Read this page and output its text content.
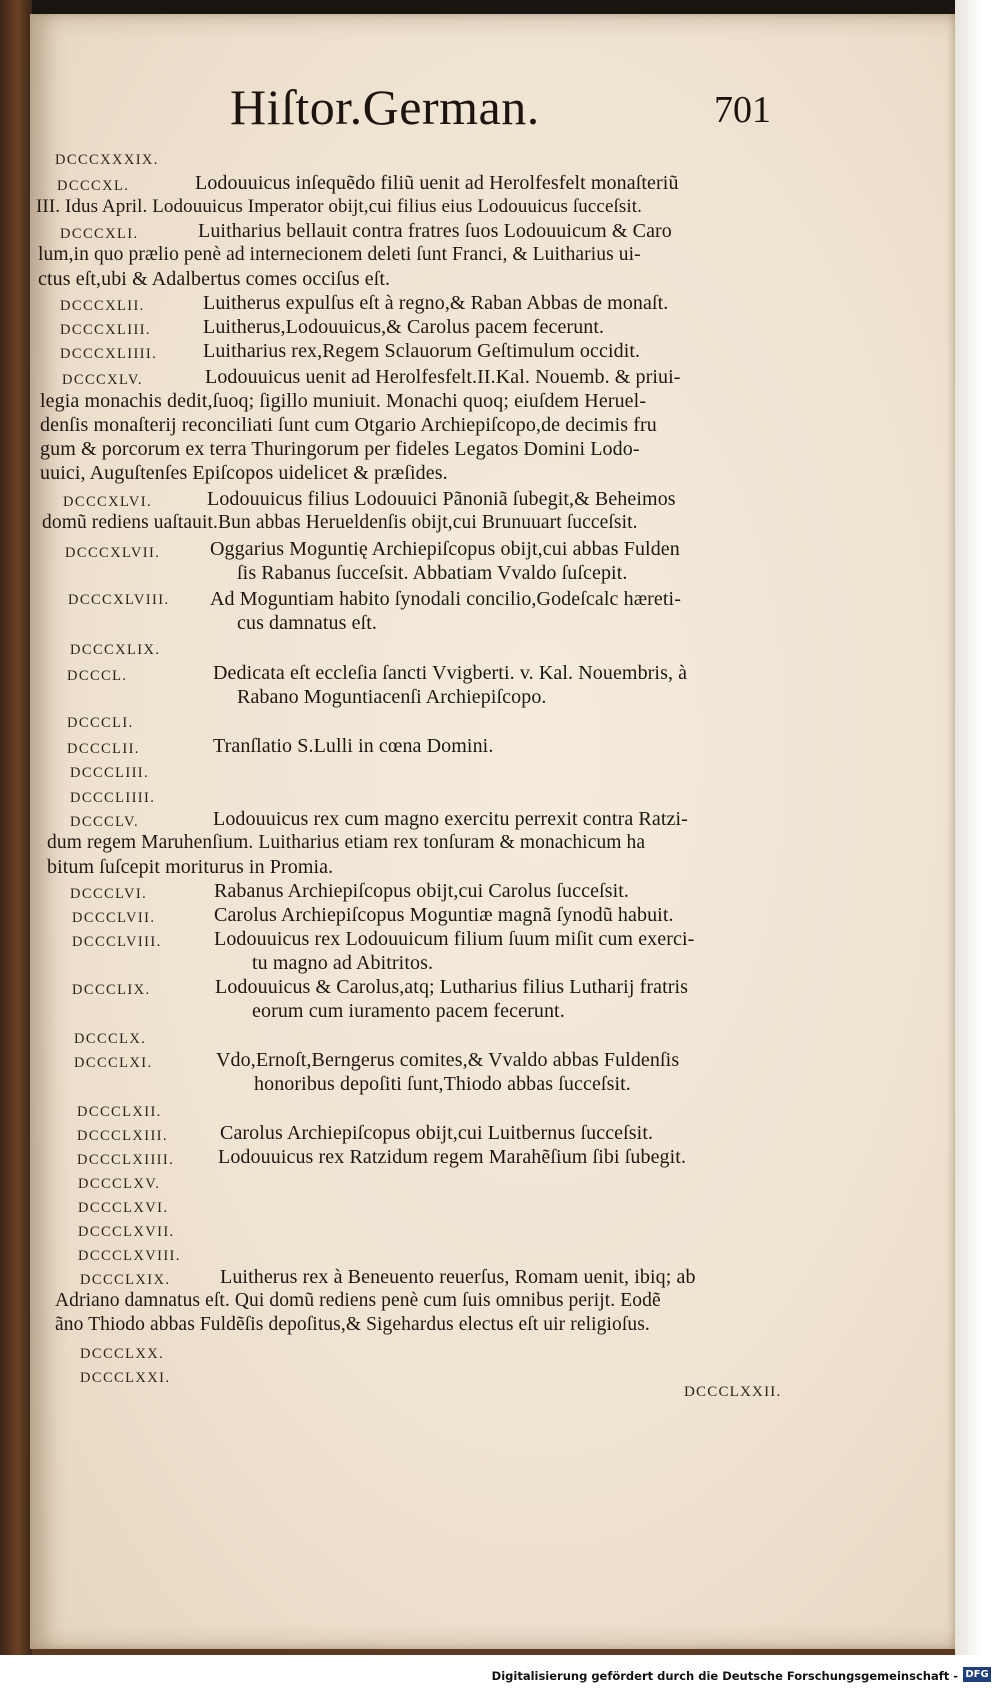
Hiſtor.German.	701
DCCCXXXIX.
DCCCXL.
DCCCXLI.
DCCCXLII.
DCCCXLIII.
DCCCXLIIII.
DCCCXLV.
DCCCXLVI.
DCCCXLVII.
DCCCXLVIII.
DCCCXLIX.
DCCCL.
DCCCLI.
DCCCLII.
DCCCLIII.
DCCCLIIII.
DCCCLV.
DCCCLVI.
DCCCLVII.
DCCCLVIII.
DCCCLIX.
DCCCLX.
DCCCLXI.
DCCCLXII.
DCCCLXIII.
DCCCLXIIII.
DCCCLXV.
DCCCLXVI.
DCCCLXVII.
DCCCLXVIII.
DCCCLXIX.
DCCCLXX.
DCCCLXXI.
Lodouuicus inſequẽdo filiũ uenit ad Herolfesfelt monaſteriũ
III. Idus April. Lodouuicus Imperator obijt,cui filius eius Lodouuicus ſucceſsit.
Luitharius bellauit contra fratres ſuos Lodouuicum & Caro
lum,in quo prælio penè ad internecionem deleti ſunt Franci, & Luitharius ui-
ctus eſt,ubi & Adalbertus comes occiſus eſt.
Luitherus expulſus eſt à regno,& Raban Abbas de monaſt.
Luitherus,Lodouuicus,& Carolus pacem fecerunt.
Luitharius rex,Regem Sclauorum Geſtimulum occidit.
Lodouuicus uenit ad Herolfesfelt.II.Kal. Nouemb. & priui-
legia monachis dedit,ſuoq; ſigillo muniuit. Monachi quoq; eiuſdem Heruel-
denſis monaſterij reconciliati ſunt cum Otgario Archiepiſcopo,de decimis fru
gum & porcorum ex terra Thuringorum per fideles Legatos Domini Lodo-
uuici, Auguſtenſes Epiſcopos uidelicet & præſides.
Lodouuicus filius Lodouuici Pãnoniã ſubegit,& Beheimos
domũ rediens uaſtauit.Bun abbas Herueldenſis obijt,cui Brunuuart ſucceſsit.
Oggarius Moguntię Archiepiſcopus obijt,cui abbas Fulden
ſis Rabanus ſucceſsit. Abbatiam Vvaldo ſuſcepit.
Ad Moguntiam habito ſynodali concilio,Godeſcalc hæreti-
cus damnatus eſt.
Dedicata eſt eccleſia ſancti Vvigberti. v. Kal. Nouembris, à
Rabano Moguntiacenſi Archiepiſcopo.
Tranſlatio S.Lulli in cœna Domini.
Lodouuicus rex cum magno exercitu perrexit contra Ratzi-
dum regem Maruhenſium. Luitharius etiam rex tonſuram & monachicum ha
bitum ſuſcepit moriturus in Promia.
Rabanus Archiepiſcopus obijt,cui Carolus ſucceſsit.
Carolus Archiepiſcopus Moguntiæ magnã ſynodũ habuit.
Lodouuicus rex Lodouuicum filium ſuum miſit cum exerci-
tu magno ad Abitritos.
Lodouuicus & Carolus,atq; Lutharius filius Lutharij fratris
eorum cum iuramento pacem fecerunt.
Vdo,Ernoſt,Berngerus comites,& Vvaldo abbas Fuldenſis
honoribus depoſiti ſunt,Thiodo abbas ſucceſsit.
Carolus Archiepiſcopus obijt,cui Luitbernus ſucceſsit.
Lodouuicus rex Ratzidum regem Marahẽſium ſibi ſubegit.
Luitherus rex à Beneuento reuerſus, Romam uenit, ibiq; ab
Adriano damnatus eſt. Qui domũ rediens penè cum ſuis omnibus perijt. Eodẽ
ãno Thiodo abbas Fuldẽſis depoſitus,& Sigehardus electus eſt uir religioſus.
DCCCLXXII.
Digitalisierung gefördert durch die Deutsche Forschungsgemeinschaft - DFG
